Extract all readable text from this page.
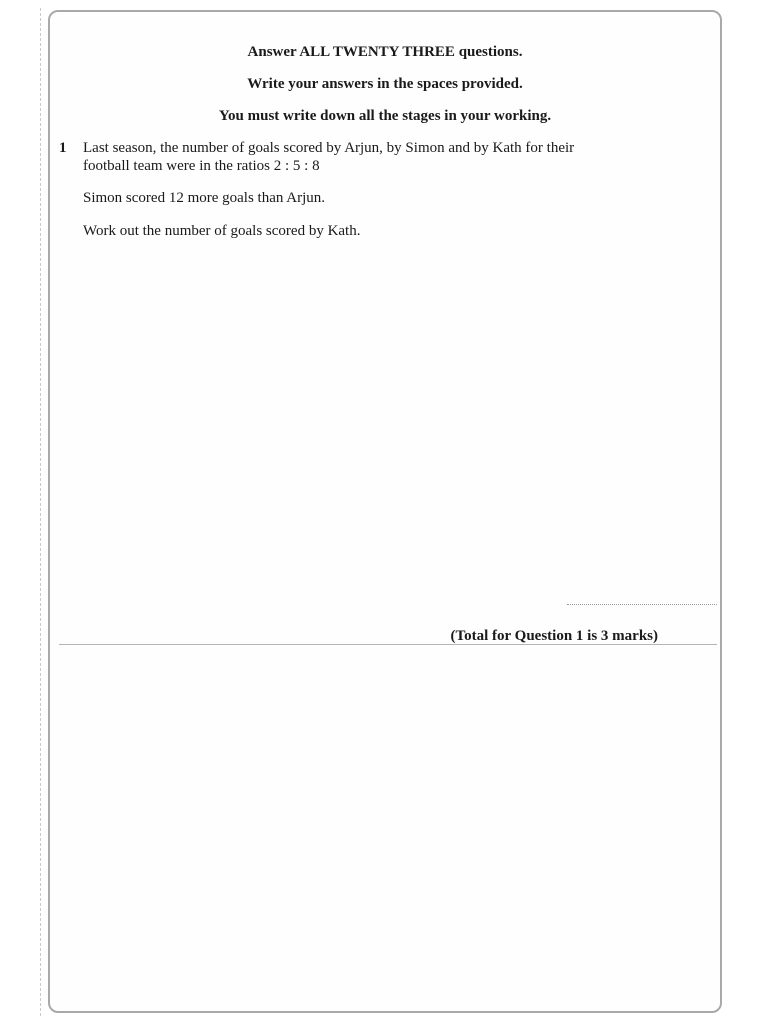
Answer ALL TWENTY THREE questions.
Write your answers in the spaces provided.
You must write down all the stages in your working.
1 Last season, the number of goals scored by Arjun, by Simon and by Kath for their
football team were in the ratios 2 : 5 : 8
Simon scored 12 more goals than Arjun.
Work out the number of goals scored by Kath.
(Total for Question 1 is 3 marks)
